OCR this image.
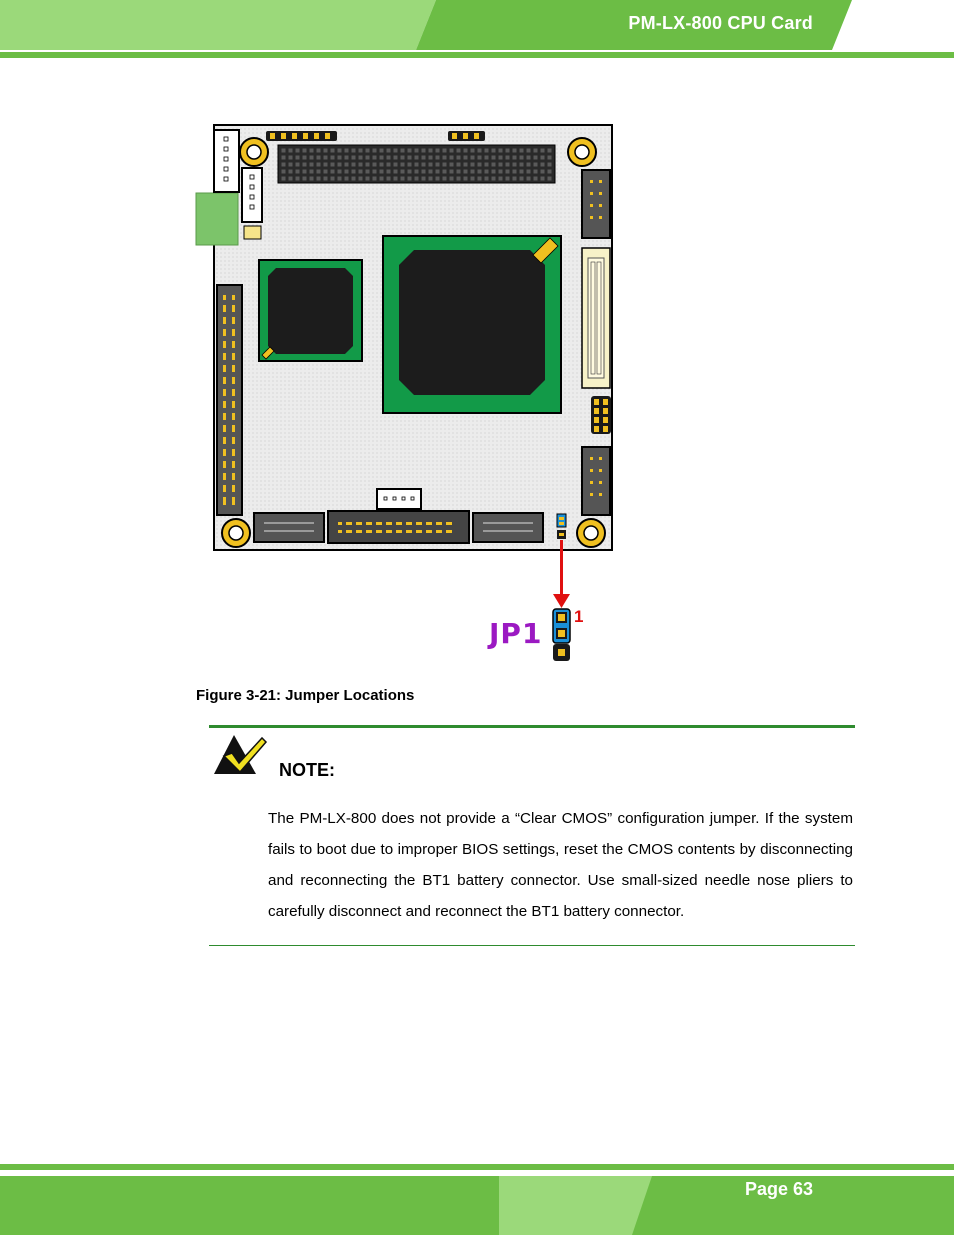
PM-LX-800 CPU Card
JP1
1
Figure 3-21: Jumper Locations
NOTE:
The PM-LX-800 does not provide a “Clear CMOS” configuration jumper. If the system fails to boot due to improper BIOS settings, reset the CMOS contents by disconnecting and reconnecting the BT1 battery connector. Use small-sized needle nose pliers to carefully disconnect and reconnect the BT1 battery connector.
Page 63
